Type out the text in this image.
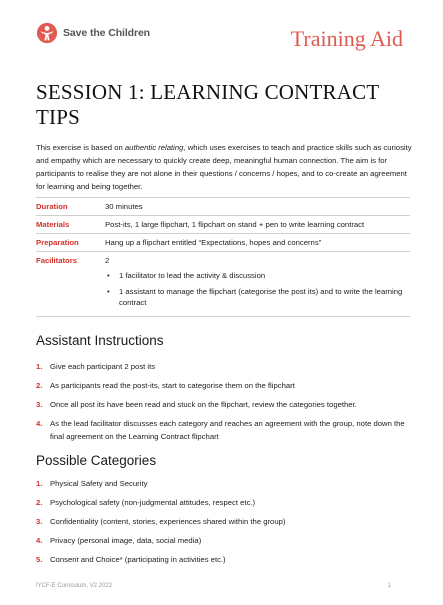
Save the Children	Training Aid
SESSION 1: LEARNING CONTRACT TIPS
This exercise is based on authentic relating, which uses exercises to teach and practice skills such as curiosity and empathy which are necessary to quickly create deep, meaningful human connection. The aim is for participants to realise they are not alone in their questions / concerns / hopes, and to co-create an agreement for learning and being together.
Duration	30 minutes
Materials	Post-its, 1 large flipchart, 1 flipchart on stand + pen to write learning contract
Preparation	Hang up a flipchart entitled “Expectations, hopes and concerns”
Facilitators	2
• 1 facilitator to lead the activity & discussion
• 1 assistant to manage the flipchart (categorise the post its) and to write the learning contract
Assistant Instructions
1. Give each participant 2 post its
2. As participants read the post-its, start to categorise them on the flipchart
3. Once all post its have been read and stuck on the flipchart, review the categories together.
4. As the lead facilitator discusses each category and reaches an agreement with the group, note down the final agreement on the Learning Contract flipchart
Possible Categories
1. Physical Safety and Security
2. Psychological safety (non-judgmental attitudes, respect etc.)
3. Confidentiality (content, stories, experiences shared within the group)
4. Privacy (personal image, data, social media)
5. Consent and Choice* (participating in activities etc.)
IYCF-E Curriculum, V2 2022	1
